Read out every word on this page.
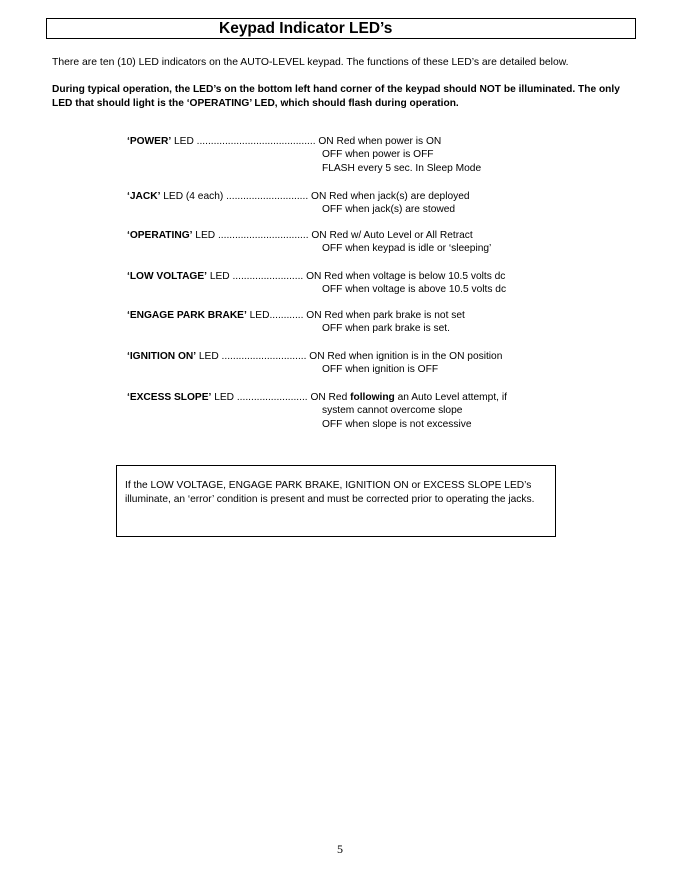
Keypad Indicator LED’s
There are ten (10) LED indicators on the AUTO-LEVEL keypad. The functions of these LED’s are detailed below.
During typical operation, the LED’s on the bottom left hand corner of the keypad should NOT be illuminated. The only LED that should light is the ‘OPERATING’ LED, which should flash during operation.
‘POWER’ LED .......................................... ON Red when power is ON
OFF when power is OFF
FLASH every 5 sec. In Sleep Mode
‘JACK’ LED (4 each) ............................. ON Red when jack(s) are deployed
OFF when jack(s) are stowed
‘OPERATING’ LED ................................ ON Red w/ Auto Level or All Retract
OFF when keypad is idle or ‘sleeping’
‘LOW VOLTAGE’ LED ......................... ON Red when voltage is below 10.5 volts dc
OFF when voltage is above 10.5 volts dc
‘ENGAGE PARK BRAKE’ LED............ ON Red when park brake is not set
OFF when park brake is set.
‘IGNITION ON’ LED .............................. ON Red when ignition is in the ON position
OFF when ignition is OFF
‘EXCESS SLOPE’ LED ......................... ON Red following an Auto Level attempt, if
system cannot overcome slope
OFF when slope is not excessive
If the LOW VOLTAGE, ENGAGE PARK BRAKE, IGNITION ON or EXCESS SLOPE LED’s illuminate, an ‘error’ condition is present and must be corrected prior to operating the jacks.
5
